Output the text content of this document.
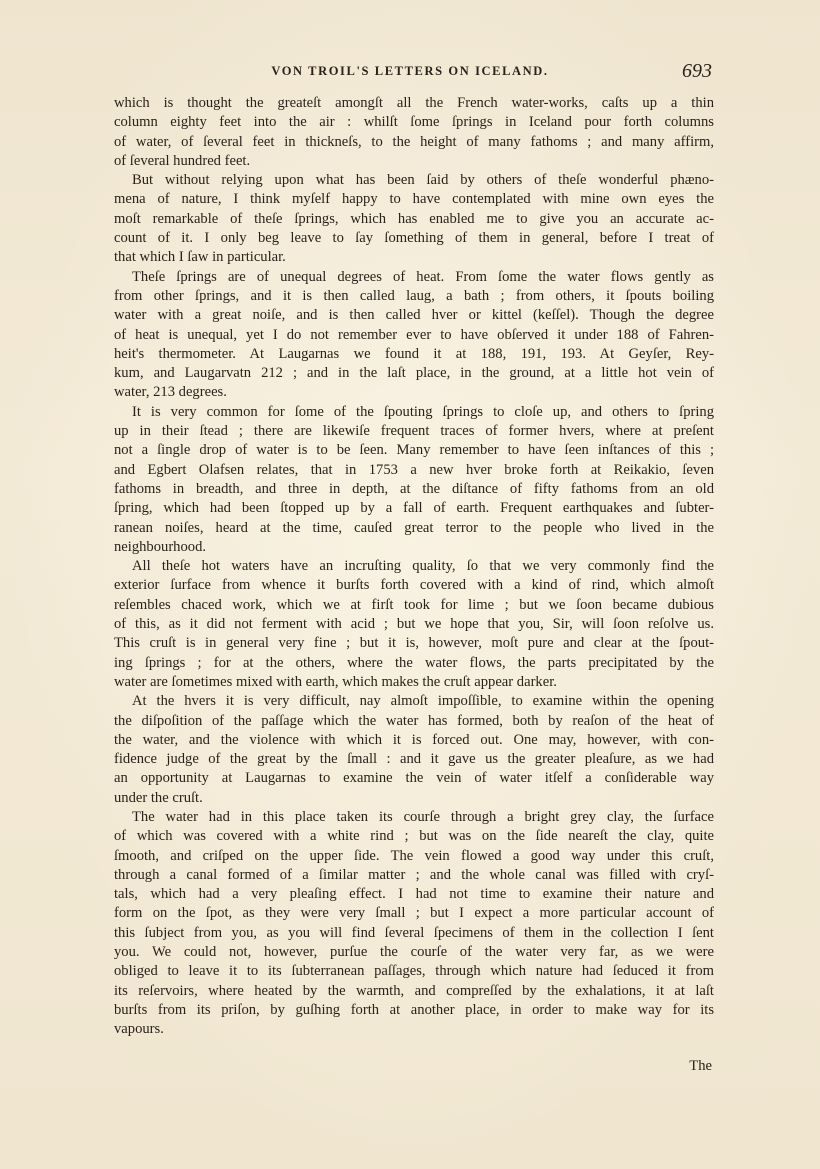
VON TROIL'S LETTERS ON ICELAND.	693
which is thought the greateſt amongſt all the French water-works, caſts up a thin
column eighty feet into the air : whilſt ſome ſprings in Iceland pour forth columns
of water, of ſeveral feet in thickneſs, to the height of many fathoms ; and many affirm,
of ſeveral hundred feet.
But without relying upon what has been ſaid by others of theſe wonderful phæno-
mena of nature, I think myſelf happy to have contemplated with mine own eyes the
moſt remarkable of theſe ſprings, which has enabled me to give you an accurate ac-
count of it. I only beg leave to ſay ſomething of them in general, before I treat of
that which I ſaw in particular.
Theſe ſprings are of unequal degrees of heat. From ſome the water flows gently as
from other ſprings, and it is then called laug, a bath ; from others, it ſpouts boiling
water with a great noiſe, and is then called hver or kittel (keſſel). Though the degree
of heat is unequal, yet I do not remember ever to have obſerved it under 188 of Fahren-
heit's thermometer. At Laugarnas we found it at 188, 191, 193. At Geyſer, Rey-
kum, and Laugarvatn 212 ; and in the laſt place, in the ground, at a little hot vein of
water, 213 degrees.
It is very common for ſome of the ſpouting ſprings to cloſe up, and others to ſpring
up in their ſtead ; there are likewiſe frequent traces of former hvers, where at preſent
not a ſingle drop of water is to be ſeen. Many remember to have ſeen inſtances of this ;
and Egbert Olafsen relates, that in 1753 a new hver broke forth at Reikakio, ſeven
fathoms in breadth, and three in depth, at the diſtance of fifty fathoms from an old
ſpring, which had been ſtopped up by a fall of earth. Frequent earthquakes and ſubter-
ranean noiſes, heard at the time, cauſed great terror to the people who lived in the
neighbourhood.
All theſe hot waters have an incruſting quality, ſo that we very commonly find the
exterior ſurface from whence it burſts forth covered with a kind of rind, which almoſt
reſembles chaced work, which we at firſt took for lime ; but we ſoon became dubious
of this, as it did not ferment with acid ; but we hope that you, Sir, will ſoon reſolve us.
This cruſt is in general very fine ; but it is, however, moſt pure and clear at the ſpout-
ing ſprings ; for at the others, where the water flows, the parts precipitated by the
water are ſometimes mixed with earth, which makes the cruſt appear darker.
At the hvers it is very difficult, nay almoſt impoſſible, to examine within the opening
the diſpoſition of the paſſage which the water has formed, both by reaſon of the heat of
the water, and the violence with which it is forced out. One may, however, with con-
fidence judge of the great by the ſmall : and it gave us the greater pleaſure, as we had
an opportunity at Laugarnas to examine the vein of water itſelf a conſiderable way
under the cruſt.
The water had in this place taken its courſe through a bright grey clay, the ſurface
of which was covered with a white rind ; but was on the ſide neareſt the clay, quite
ſmooth, and criſped on the upper ſide. The vein flowed a good way under this cruſt,
through a canal formed of a ſimilar matter ; and the whole canal was filled with cryſ-
tals, which had a very pleaſing effect. I had not time to examine their nature and
form on the ſpot, as they were very ſmall ; but I expect a more particular account of
this ſubject from you, as you will find ſeveral ſpecimens of them in the collection I ſent
you. We could not, however, purſue the courſe of the water very far, as we were
obliged to leave it to its ſubterranean paſſages, through which nature had ſeduced it from
its reſervoirs, where heated by the warmth, and compreſſed by the exhalations, it at laſt
burſts from its priſon, by guſhing forth at another place, in order to make way for its
vapours.
The
